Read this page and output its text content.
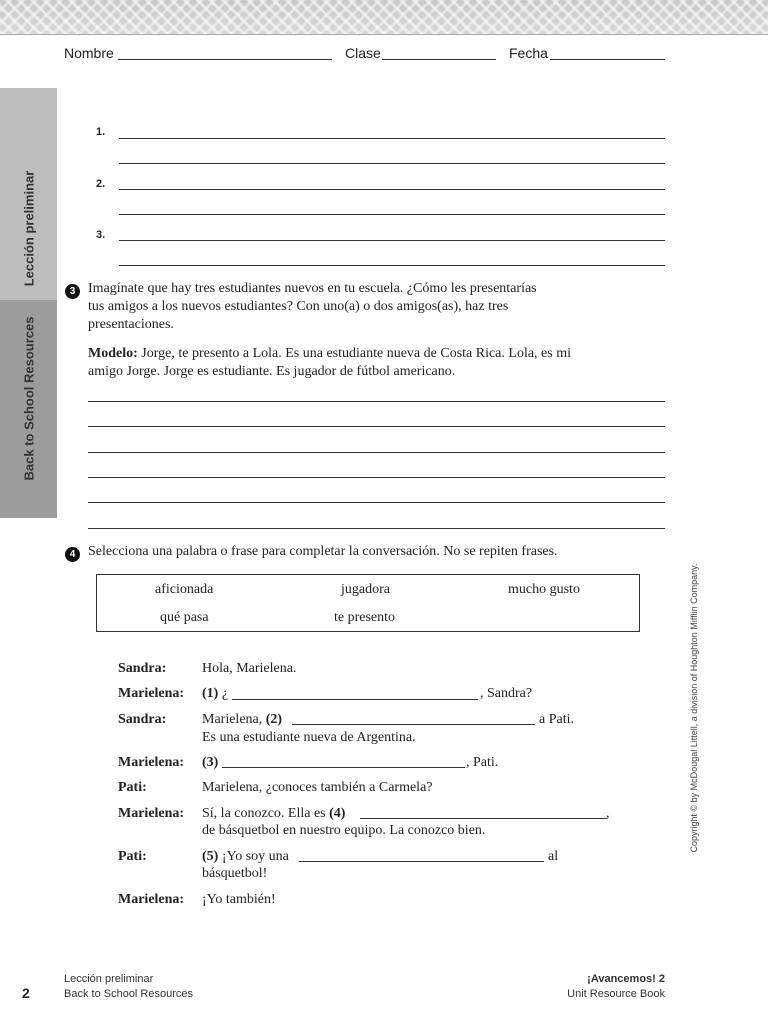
Nombre	Clase	Fecha
Lección preliminar
Back to School Resources
1.
2.
3.
3 Imagínate que hay tres estudiantes nuevos en tu escuela. ¿Cómo les presentarías
tus amigos a los nuevos estudiantes? Con uno(a) o dos amigos(as), haz tres
presentaciones.
Modelo: Jorge, te presento a Lola. Es una estudiante nueva de Costa Rica. Lola, es mi
amigo Jorge. Jorge es estudiante. Es jugador de fútbol americano.
4 Selecciona una palabra o frase para completar la conversación. No se repiten frases.
aficionada	jugadora	mucho gusto
qué pasa	te presento
Sandra:	Hola, Marielena.
Marielena: (1) ¿	, Sandra?
Sandra:	Marielena, (2)	a Pati.
Es una estudiante nueva de Argentina.
Marielena: (3)	, Pati.
Pati:	Marielena, ¿conoces también a Carmela?
Marielena: Sí, la conozco. Ella es (4)	,
de básquetbol en nuestro equipo. La conozco bien.
Pati:	(5) ¡Yo soy una	al
básquetbol!
Marielena: ¡Yo también!
Copyright © by McDougal Littell, a division of Houghton Mifflin Company.
2
Lección preliminar
Back to School Resources
¡Avancemos! 2
Unit Resource Book
